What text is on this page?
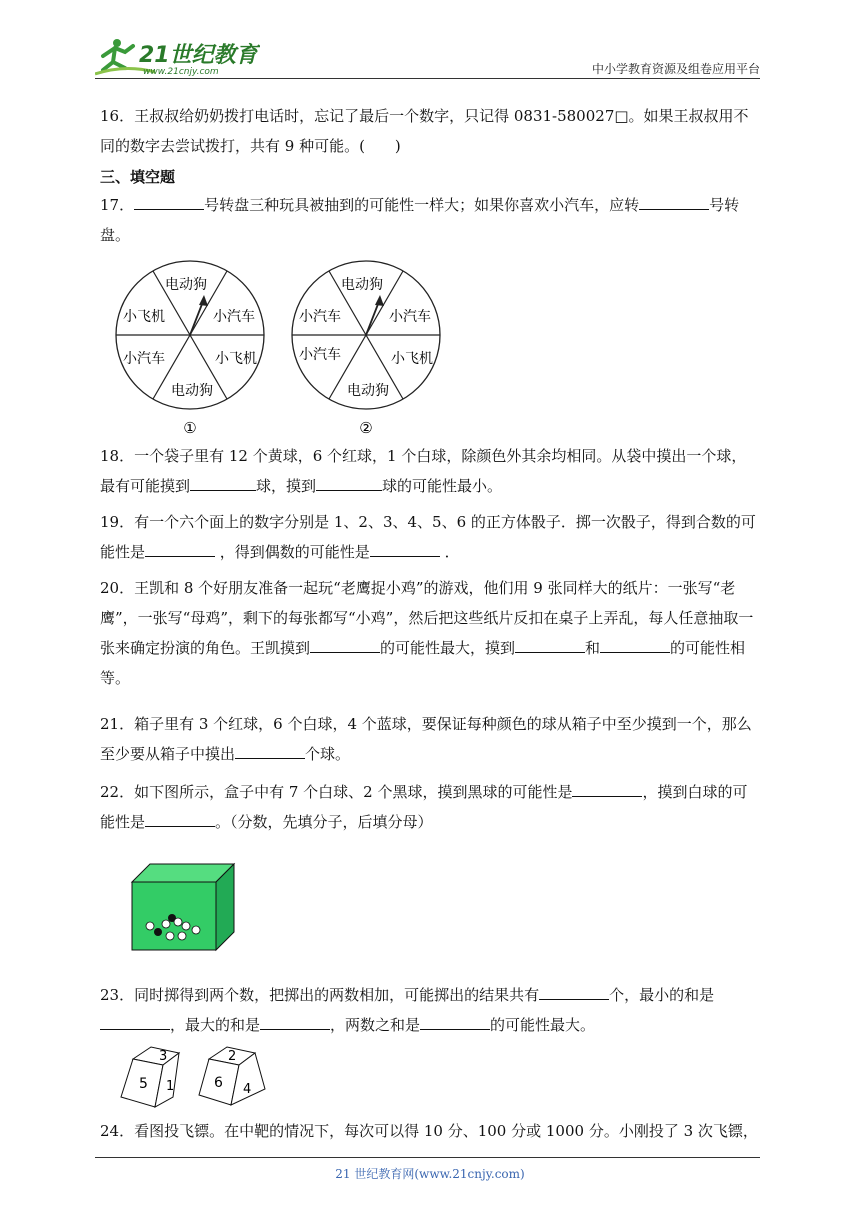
21世纪教育
www.21cnjy.com	中小学教育资源及组卷应用平台
16．王叔叔给奶奶拨打电话时，忘记了最后一个数字，只记得 0831-580027□。如果王叔叔用不同的数字去尝试拨打，共有 9 种可能。(　　)
三、填空题
17．	号转盘三种玩具被抽到的可能性一样大；如果你喜欢小汽车，应转	号转盘。
电动狗
小汽车
小飞机
电动狗
小汽车
小飞机
①
电动狗
小汽车
小飞机
电动狗
小汽车
小汽车
②
18．一个袋子里有 12 个黄球，6 个红球，1 个白球，除颜色外其余均相同。从袋中摸出一个球，最有可能摸到	球，摸到	球的可能性最小。
19．有一个六个面上的数字分别是 1、2、3、4、5、6 的正方体骰子．掷一次骰子，得到合数的可能性是	，得到偶数的可能性是	．
20．王凯和 8 个好朋友准备一起玩“老鹰捉小鸡”的游戏，他们用 9 张同样大的纸片：一张写“老鹰”，一张写“母鸡”，剩下的每张都写“小鸡”，然后把这些纸片反扣在桌子上弄乱，每人任意抽取一张来确定扮演的角色。王凯摸到	的可能性最大，摸到	和	的可能性相等。
21．箱子里有 3 个红球，6 个白球，4 个蓝球，要保证每种颜色的球从箱子中至少摸到一个，那么至少要从箱子中摸出	个球。
22．如下图所示，盒子中有 7 个白球、2 个黑球，摸到黑球的可能性是	，摸到白球的可能性是	。（分数，先填分子，后填分母）
23．同时掷得到两个数，把掷出的两数相加，可能掷出的结果共有	个，最小的和是，最大的和是	，两数之和是	的可能性最大。
3
5 1
2
6 4
24．看图投飞镖。在中靶的情况下，每次可以得 10 分、100 分或 1000 分。小刚投了 3 次飞镖，
21 世纪教育网(www.21cnjy.com)
